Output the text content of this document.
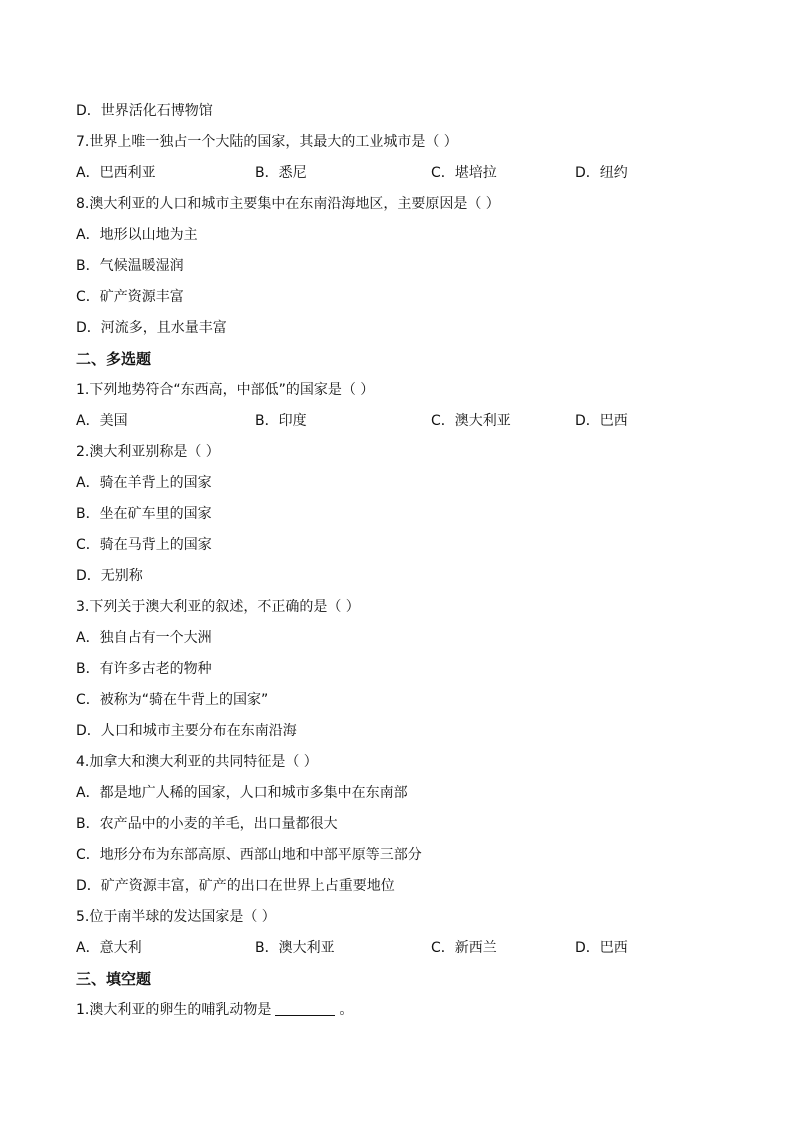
D．世界活化石博物馆
7.世界上唯一独占一个大陆的国家，其最大的工业城市是（ ）
A．巴西利亚	B．悉尼	C．堪培拉	D．纽约
8.澳大利亚的人口和城市主要集中在东南沿海地区，主要原因是（ ）
A．地形以山地为主
B．气候温暖湿润
C．矿产资源丰富
D．河流多，且水量丰富
二、多选题
1.下列地势符合“东西高，中部低”的国家是（ ）
A．美国	B．印度	C．澳大利亚	D．巴西
2.澳大利亚别称是（ ）
A．骑在羊背上的国家
B．坐在矿车里的国家
C．骑在马背上的国家
D．无别称
3.下列关于澳大利亚的叙述，不正确的是（ ）
A．独自占有一个大洲
B．有许多古老的物种
C．被称为“骑在牛背上的国家”
D．人口和城市主要分布在东南沿海
4.加拿大和澳大利亚的共同特征是（ ）
A．都是地广人稀的国家，人口和城市多集中在东南部
B．农产品中的小麦的羊毛，出口量都很大
C．地形分布为东部高原、西部山地和中部平原等三部分
D．矿产资源丰富，矿产的出口在世界上占重要地位
5.位于南半球的发达国家是（ ）
A．意大利	B．澳大利亚	C．新西兰	D．巴西
三、填空题
1.澳大利亚的卵生的哺乳动物是	。
